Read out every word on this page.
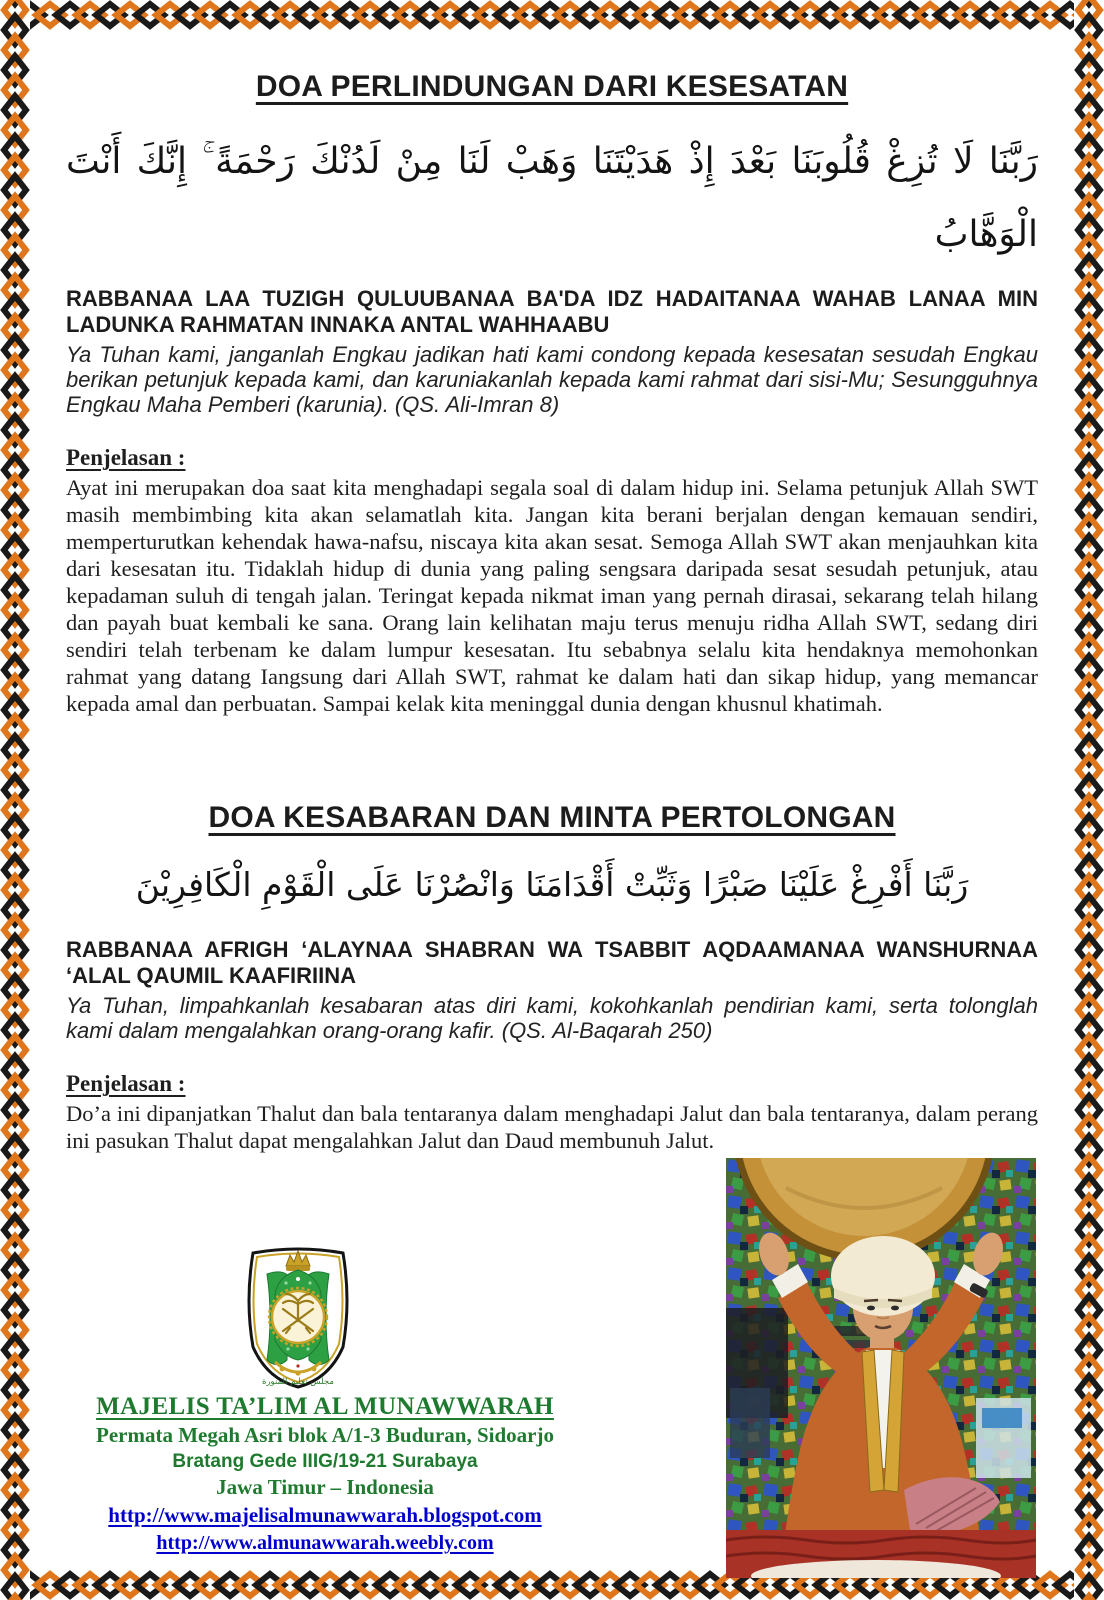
DOA PERLINDUNGAN DARI KESESATAN
رَبَّنَا لَا تُزِغْ قُلُوبَنَا بَعْدَ إِذْ هَدَيْتَنَا وَهَبْ لَنَا مِنْ لَدُنْكَ رَحْمَةً ۚ إِنَّكَ أَنْتَ
الْوَهَّابُ

RABBANAA LAA TUZIGH QULUUBANAA BA'DA IDZ HADAITANAA WAHAB LANAA MIN LADUNKA RAHMATAN INNAKA ANTAL WAHHAABU

Ya Tuhan kami, janganlah Engkau jadikan hati kami condong kepada kesesatan sesudah Engkau berikan petunjuk kepada kami, dan karuniakanlah kepada kami rahmat dari sisi-Mu; Sesungguhnya Engkau Maha Pemberi (karunia). (QS. Ali-Imran 8)

Penjelasan :

Ayat ini merupakan doa saat kita menghadapi segala soal di dalam hidup ini. Selama petunjuk Allah SWT masih membimbing kita akan selamatlah kita. Jangan kita berani berjalan dengan kemauan sendiri, memperturutkan kehendak hawa-nafsu, niscaya kita akan sesat. Semoga Allah SWT akan menjauhkan kita dari kesesatan itu. Tidaklah hidup di dunia yang paling sengsara daripada sesat sesudah petunjuk, atau kepadaman suluh di tengah jalan. Teringat kepada nikmat iman yang pernah dirasai, sekarang telah hilang dan payah buat kembali ke sana. Orang lain kelihatan maju terus menuju ridha Allah SWT, sedang diri sendiri telah terbenam ke dalam lumpur kesesatan. Itu sebabnya selalu kita hendaknya memohonkan rahmat yang datang Iangsung dari Allah SWT, rahmat ke dalam hati dan sikap hidup, yang memancar kepada amal dan perbuatan. Sampai kelak kita meninggal dunia dengan khusnul khatimah.

DOA KESABARAN DAN MINTA PERTOLONGAN
رَبَّنَا أَفْرِغْ عَلَيْنَا صَبْرًا وَثَبِّتْ أَقْدَامَنَا وَانْصُرْنَا عَلَى الْقَوْمِ الْكَافِرِيْنَ

RABBANAA AFRIGH ‘ALAYNAA SHABRAN WA TSABBIT AQDAAMANAA WANSHURNAA ‘ALAL QAUMIL KAAFIRIINA

Ya Tuhan, limpahkanlah kesabaran atas diri kami, kokohkanlah pendirian kami, serta tolonglah kami dalam mengalahkan orang-orang kafir. (QS. Al-Baqarah 250)

Penjelasan :

Do’a ini dipanjatkan Thalut dan bala tentaranya dalam menghadapi Jalut dan bala tentaranya, dalam perang ini pasukan Thalut dapat mengalahkan Jalut dan Daud membunuh Jalut.

مجلس تعليم المنورة
MAJELIS TA’LIM AL MUNAWWARAH
Permata Megah Asri blok A/1-3 Buduran, Sidoarjo
Bratang Gede IIIG/19-21 Surabaya
Jawa Timur – Indonesia
http://www.majelisalmunawwarah.blogspot.com
http://www.almunawwarah.weebly.com
